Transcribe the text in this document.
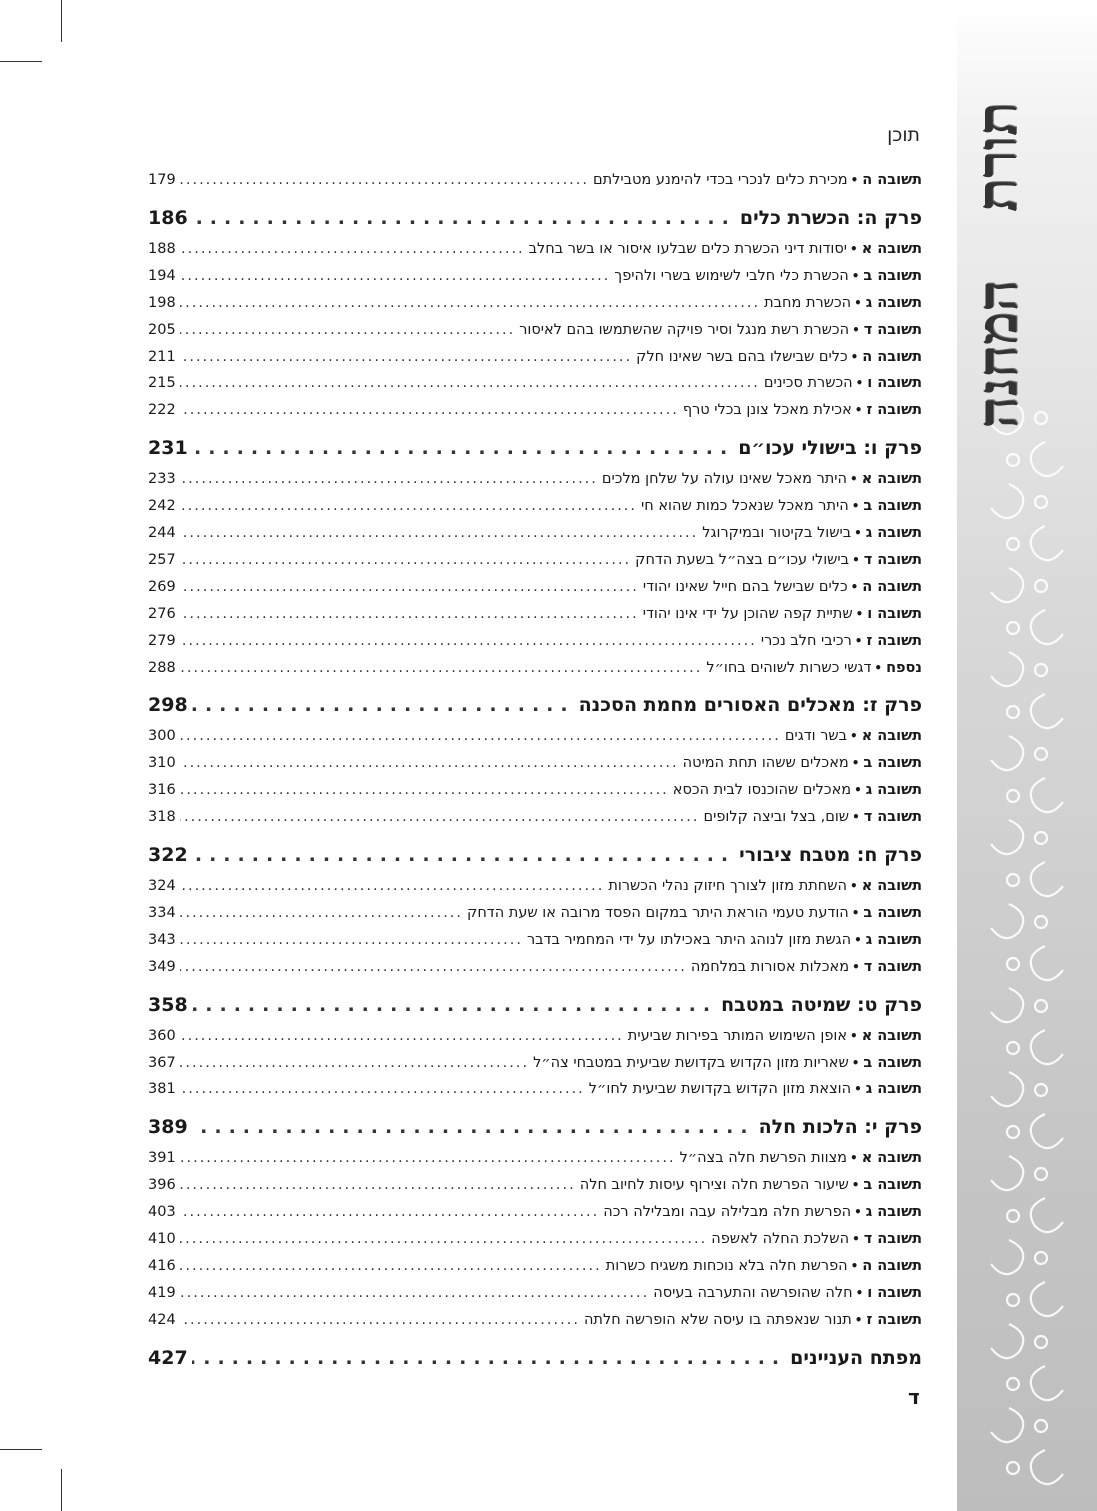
תורת
המחנה
תוכן
תשובה ה
•
מכירת כלים לנכרי בכדי להימנע מטבילתם
.....
179
פרק ה: הכשרת כלים
.....
186
תשובה א
•
יסודות דיני הכשרת כלים שבלעו איסור או בשר בחלב
.....
188
תשובה ב
•
הכשרת כלי חלבי לשימוש בשרי ולהיפך
.....
194
תשובה ג
•
הכשרת מחבת
.....
198
תשובה ד
•
הכשרת רשת מנגל וסיר פויקה שהשתמשו בהם לאיסור
.....
205
תשובה ה
•
כלים שבישלו בהם בשר שאינו חלק
.....
211
תשובה ו
•
הכשרת סכינים
.....
215
תשובה ז
•
אכילת מאכל צונן בכלי טרף
.....
222
פרק ו: בישולי עכו״ם
.....
231
תשובה א
•
היתר מאכל שאינו עולה על שלחן מלכים
.....
233
תשובה ב
•
היתר מאכל שנאכל כמות שהוא חי
.....
242
תשובה ג
•
בישול בקיטור ובמיקרוגל
.....
244
תשובה ד
•
בישולי עכו״ם בצה״ל בשעת הדחק
.....
257
תשובה ה
•
כלים שבישל בהם חייל שאינו יהודי
.....
269
תשובה ו
•
שתיית קפה שהוכן על ידי אינו יהודי
.....
276
תשובה ז
•
רכיבי חלב נכרי
.....
279
נספח
•
דגשי כשרות לשוהים בחו״ל
.....
288
פרק ז: מאכלים האסורים מחמת הסכנה
.....
298
תשובה א
•
בשר ודגים
.....
300
תשובה ב
•
מאכלים ששהו תחת המיטה
.....
310
תשובה ג
•
מאכלים שהוכנסו לבית הכסא
.....
316
תשובה ד
•
שום, בצל וביצה קלופים
.....
318
פרק ח: מטבח ציבורי
.....
322
תשובה א
•
השחתת מזון לצורך חיזוק נהלי הכשרות
.....
324
תשובה ב
•
הודעת טעמי הוראת היתר במקום הפסד מרובה או שעת הדחק
.....
334
תשובה ג
•
הגשת מזון לנוהג היתר באכילתו על ידי המחמיר בדבר
.....
343
תשובה ד
•
מאכלות אסורות במלחמה
.....
349
פרק ט: שמיטה במטבח
.....
358
תשובה א
•
אופן השימוש המותר בפירות שביעית
.....
360
תשובה ב
•
שאריות מזון הקדוש בקדושת שביעית במטבחי צה״ל
.....
367
תשובה ג
•
הוצאת מזון הקדוש בקדושת שביעית לחו״ל
.....
381
פרק י: הלכות חלה
.....
389
תשובה א
•
מצוות הפרשת חלה בצה״ל
.....
391
תשובה ב
•
שיעור הפרשת חלה וצירוף עיסות לחיוב חלה
.....
396
תשובה ג
•
הפרשת חלה מבלילה עבה ומבלילה רכה
.....
403
תשובה ד
•
השלכת החלה לאשפה
.....
410
תשובה ה
•
הפרשת חלה בלא נוכחות משגיח כשרות
.....
416
תשובה ו
•
חלה שהופרשה והתערבה בעיסה
.....
419
תשובה ז
•
תנור שנאפתה בו עיסה שלא הופרשה חלתה
.....
424
מפתח העניינים
.....
427
ד
